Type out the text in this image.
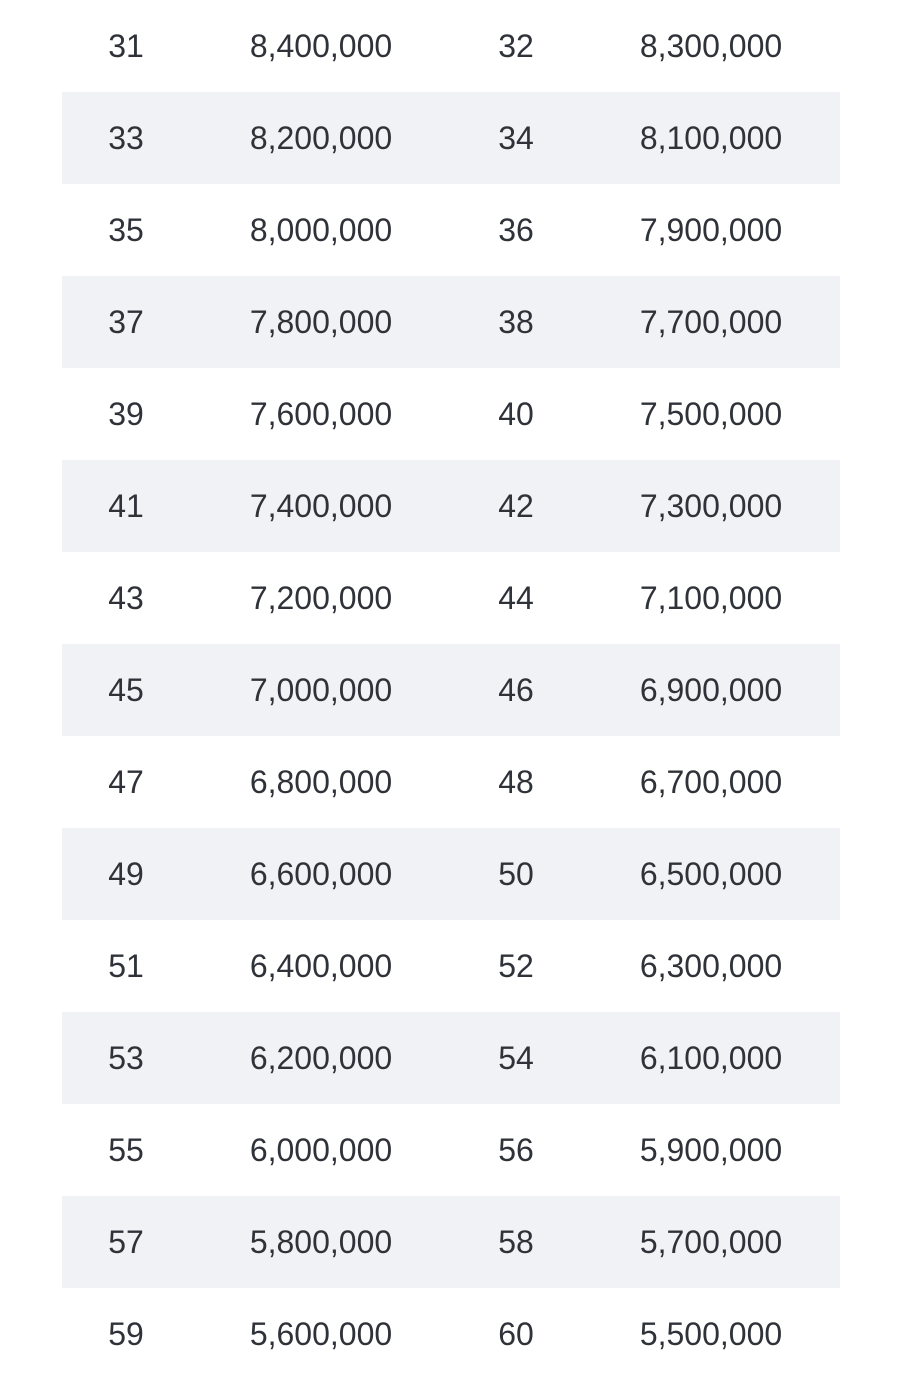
31	8,400,000	32	8,300,000
33	8,200,000	34	8,100,000
35	8,000,000	36	7,900,000
37	7,800,000	38	7,700,000
39	7,600,000	40	7,500,000
41	7,400,000	42	7,300,000
43	7,200,000	44	7,100,000
45	7,000,000	46	6,900,000
47	6,800,000	48	6,700,000
49	6,600,000	50	6,500,000
51	6,400,000	52	6,300,000
53	6,200,000	54	6,100,000
55	6,000,000	56	5,900,000
57	5,800,000	58	5,700,000
59	5,600,000	60	5,500,000
